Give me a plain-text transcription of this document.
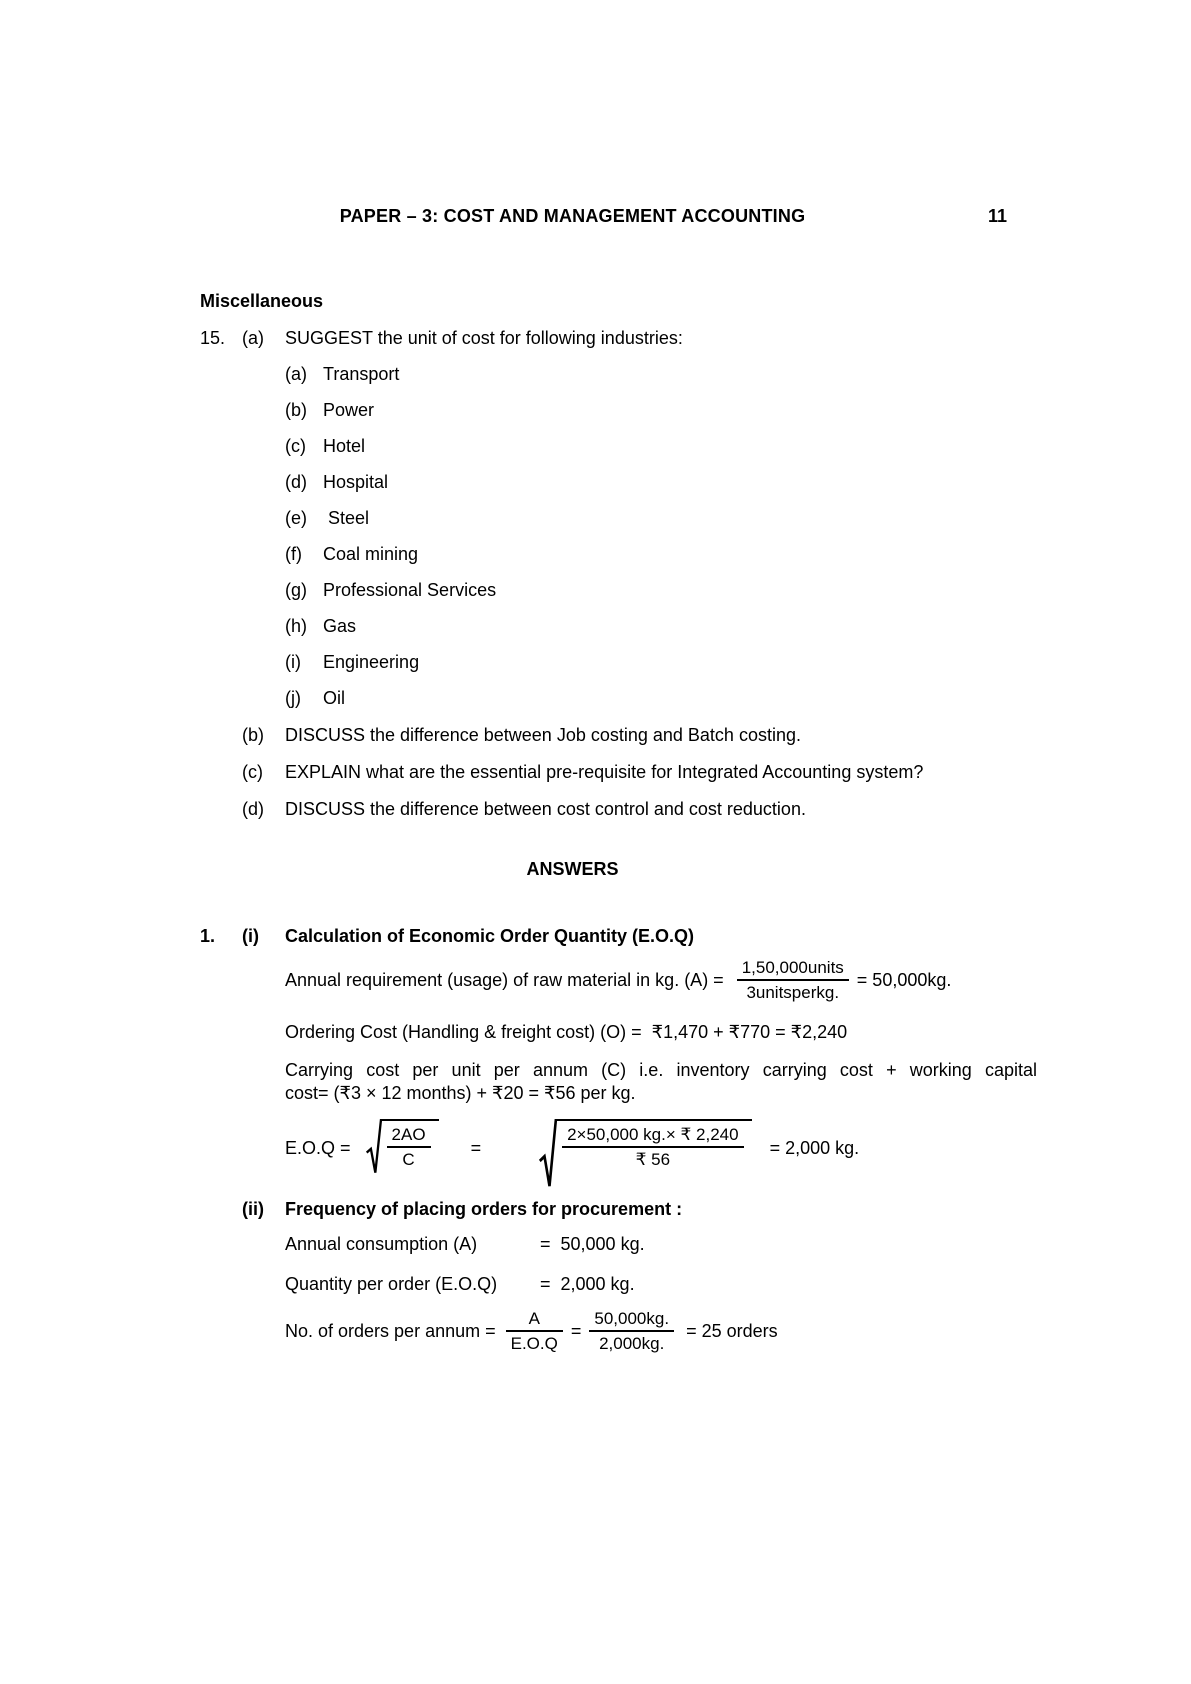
PAPER – 3: COST AND MANAGEMENT ACCOUNTING	11
Miscellaneous
15. (a)	SUGGEST the unit of cost for following industries:
(a) Transport
(b) Power
(c) Hotel
(d) Hospital
(e) Steel
(f)	Coal mining
(g) Professional Services
(h) Gas
(i)	Engineering
(j)	Oil
(b)	DISCUSS the difference between Job costing and Batch costing.
(c)	EXPLAIN what are the essential pre-requisite for Integrated Accounting system?
(d)	DISCUSS the difference between cost control and cost reduction.
ANSWERS
1.	(i)	Calculation of Economic Order Quantity (E.O.Q)
Annual requirement (usage) of raw material in kg. $(A) = \frac{\text{1,50,000units}}{\text{3unitsperkg.}} = 50,000kg$.
Ordering Cost (Handling & freight cost) (O) =  ₹1,470 + ₹770 = ₹2,240
Carrying cost per unit per annum (C) i.e. inventory carrying cost + working capital
cost= (₹3 × 12 months) + ₹20 = ₹56 per kg.
$E.O.Q = \frac{2AO}{C}$ =	$\frac{2\times 50,000 kg.\times ₹ 2,240}{₹ 56} = 2,000$ kg.
(ii)	Frequency of placing orders for procurement :
Annual consumption (A)	=  50,000 kg.
Quantity per order (E.O.Q)	=  2,000 kg.
No. of orders per annum = $\frac{A}{E.O.Q} = \frac{50,000kg.}{2,000kg.} = 25$ orders
